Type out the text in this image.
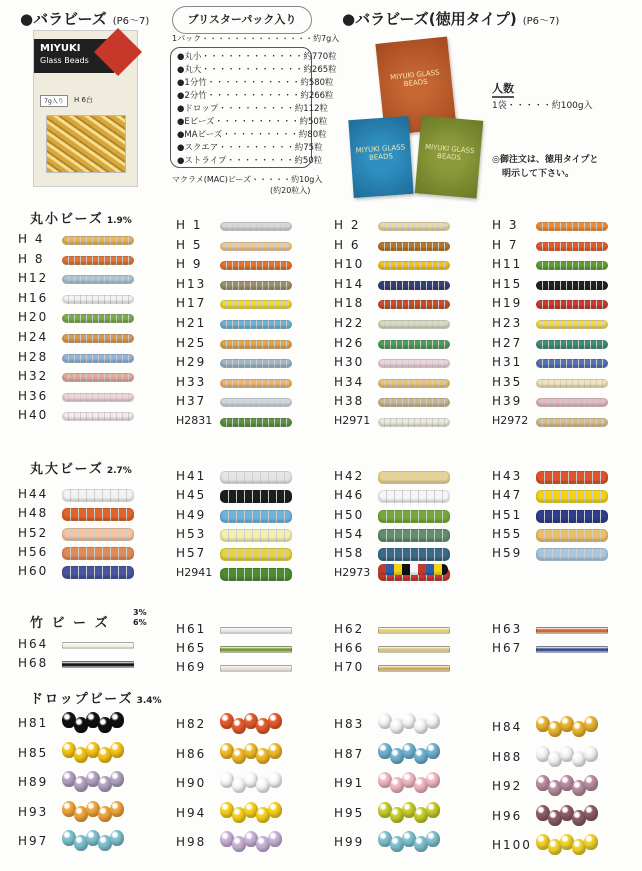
●バラビーズ (P6〜7)	●バラビーズ(徳用タイプ) (P6〜7)
MIYUKI
Glass Beads
7g入り	H 6台
ブリスターパック入り
1パック・・・・・・・・・・・・・・約7g入
●丸小・・・・・・・・・・・・約770粒
●丸大・・・・・・・・・・・・約265粒
●1分竹・・・・・・・・・・・約580粒
●2分竹・・・・・・・・・・・約266粒
●ドロップ・・・・・・・・・約112粒
●Eビーズ・・・・・・・・・・約50粒
●MAビーズ・・・・・・・・・約80粒
●スクエア・・・・・・・・・約75粒
●ストライプ・・・・・・・・約50粒
マクラメ(MAC)ビーズ・・・・・約10g入
(約20粒入)
MIYUKI GLASS BEADS
MIYUKI GLASS BEADS
MIYUKI GLASS BEADS
人数
1袋・・・・・約100g入
◎御注文は、徳用タイプと
明示して下さい。
丸小ビーズ 1.9%
丸大ビーズ 2.7%
竹 ビ ー ズ
3%
6%
ドロップビーズ 3.4%
H 4
H 8
H12
H16
H20
H24
H28
H32
H36
H40
H 1
H 5
H 9
H13
H17
H21
H25
H29
H33
H37
H2831
H 2
H 6
H10
H14
H18
H22
H26
H30
H34
H38
H2971
H 3
H 7
H11
H15
H19
H23
H27
H31
H35
H39
H2972
H44
H48
H52
H56
H60
H41
H45
H49
H53
H57
H2941
H42
H46
H50
H54
H58
H2973
H43
H47
H51
H55
H59
H64
H68
H61
H65
H69
H62
H66
H70
H63
H67
H81
H85
H89
H93
H97
H82
H86
H90
H94
H98
H83
H87
H91
H95
H99
H84
H88
H92
H96
H100
